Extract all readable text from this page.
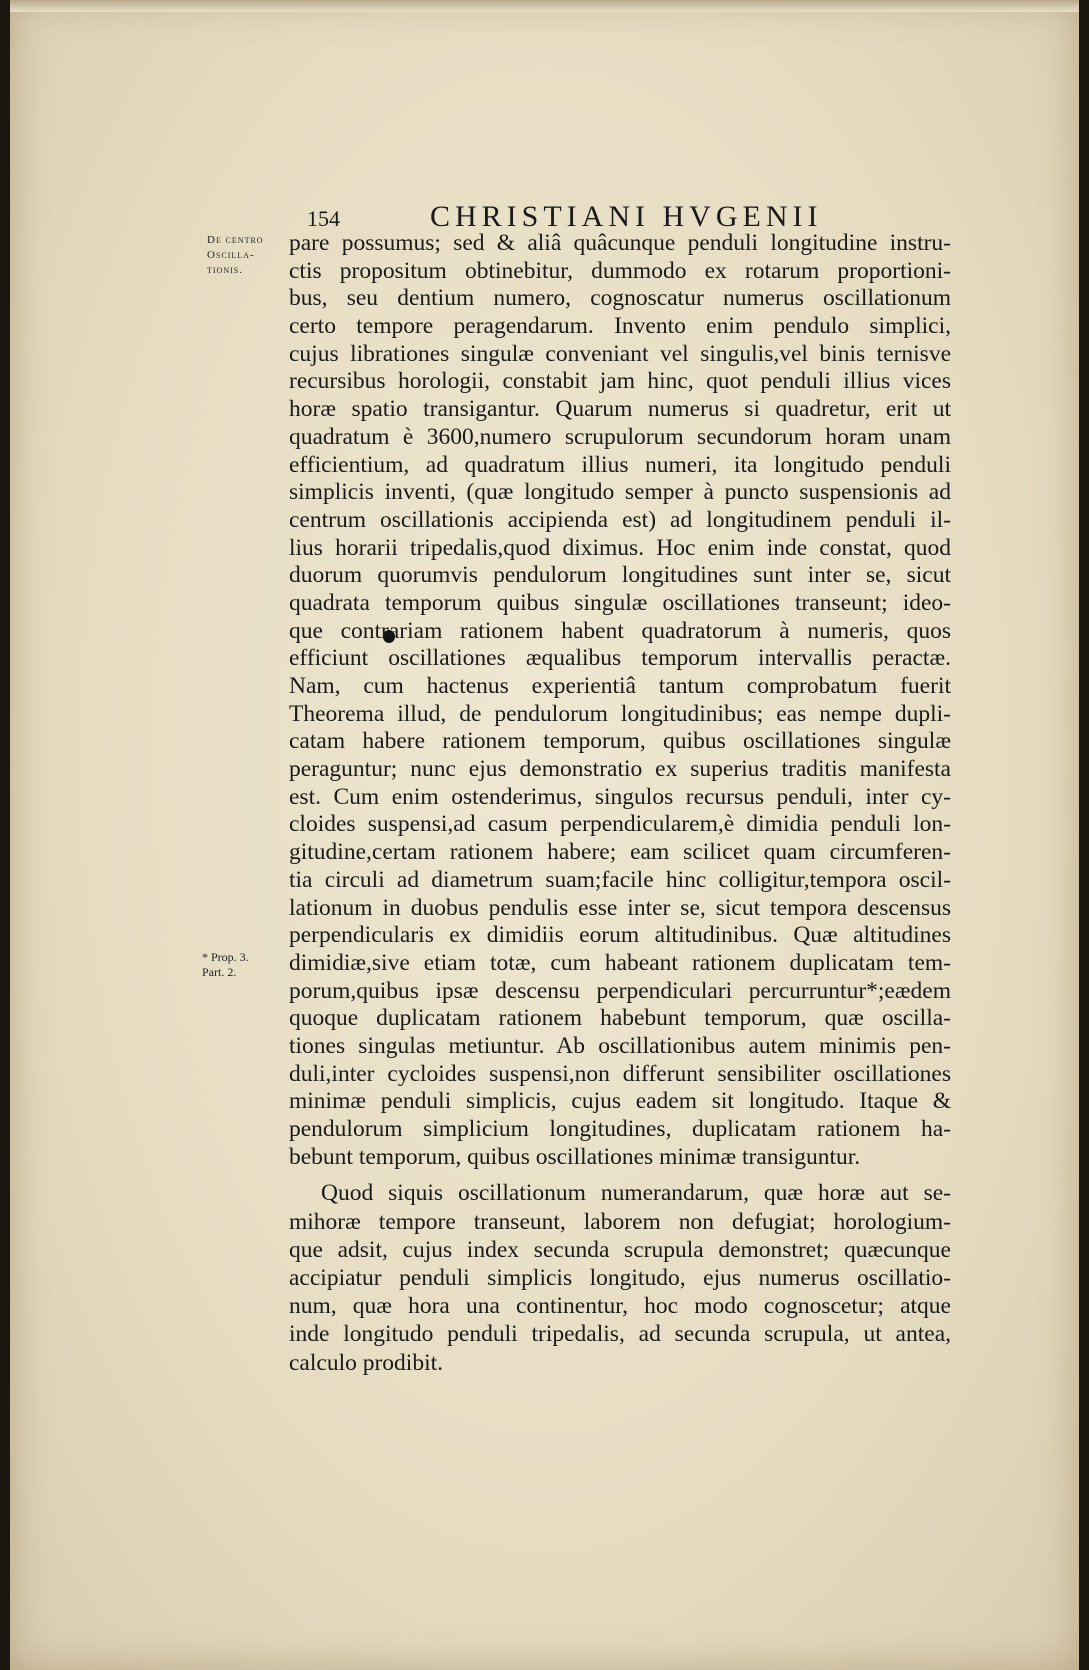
154	CHRISTIANI HVGENII
De centro
Oscilla-
tionis.
* Prop. 3.
Part. 2.
pare possumus; sed & aliâ quâcunque penduli longitudine instru-
ctis propositum obtinebitur, dummodo ex rotarum proportioni-
bus, seu dentium numero, cognoscatur numerus oscillationum
certo tempore peragendarum. Invento enim pendulo simplici,
cujus librationes singulæ conveniant vel singulis,vel binis ternisve
recursibus horologii, constabit jam hinc, quot penduli illius vices
horæ spatio transigantur. Quarum numerus si quadretur, erit ut
quadratum è 3600,numero scrupulorum secundorum horam unam
efficientium, ad quadratum illius numeri, ita longitudo penduli
simplicis inventi, (quæ longitudo semper à puncto suspensionis ad
centrum oscillationis accipienda est) ad longitudinem penduli il-
lius horarii tripedalis,quod diximus. Hoc enim inde constat, quod
duorum quorumvis pendulorum longitudines sunt inter se, sicut
quadrata temporum quibus singulæ oscillationes transeunt; ideo-
que contrariam rationem habent quadratorum à numeris, quos
efficiunt oscillationes æqualibus temporum intervallis peractæ.
Nam, cum hactenus experientiâ tantum comprobatum fuerit
Theorema illud, de pendulorum longitudinibus; eas nempe dupli-
catam habere rationem temporum, quibus oscillationes singulæ
peraguntur; nunc ejus demonstratio ex superius traditis manifesta
est. Cum enim ostenderimus, singulos recursus penduli, inter cy-
cloides suspensi,ad casum perpendicularem,è dimidia penduli lon-
gitudine,certam rationem habere; eam scilicet quam circumferen-
tia circuli ad diametrum suam;facile hinc colligitur,tempora oscil-
lationum in duobus pendulis esse inter se, sicut tempora descensus
perpendicularis ex dimidiis eorum altitudinibus. Quæ altitudines
dimidiæ,sive etiam totæ, cum habeant rationem duplicatam tem-
porum,quibus ipsæ descensu perpendiculari percurruntur*;eædem
quoque duplicatam rationem habebunt temporum, quæ oscilla-
tiones singulas metiuntur. Ab oscillationibus autem minimis pen-
duli,inter cycloides suspensi,non differunt sensibiliter oscillationes
minimæ penduli simplicis, cujus eadem sit longitudo. Itaque &
pendulorum simplicium longitudines, duplicatam rationem ha-
bebunt temporum, quibus oscillationes minimæ transiguntur.
Quod siquis oscillationum numerandarum, quæ horæ aut se-
mihoræ tempore transeunt, laborem non defugiat; horologium-
que adsit, cujus index secunda scrupula demonstret; quæcunque
accipiatur penduli simplicis longitudo, ejus numerus oscillatio-
num, quæ hora una continentur, hoc modo cognoscetur; atque
inde longitudo penduli tripedalis, ad secunda scrupula, ut antea,
calculo prodibit.
